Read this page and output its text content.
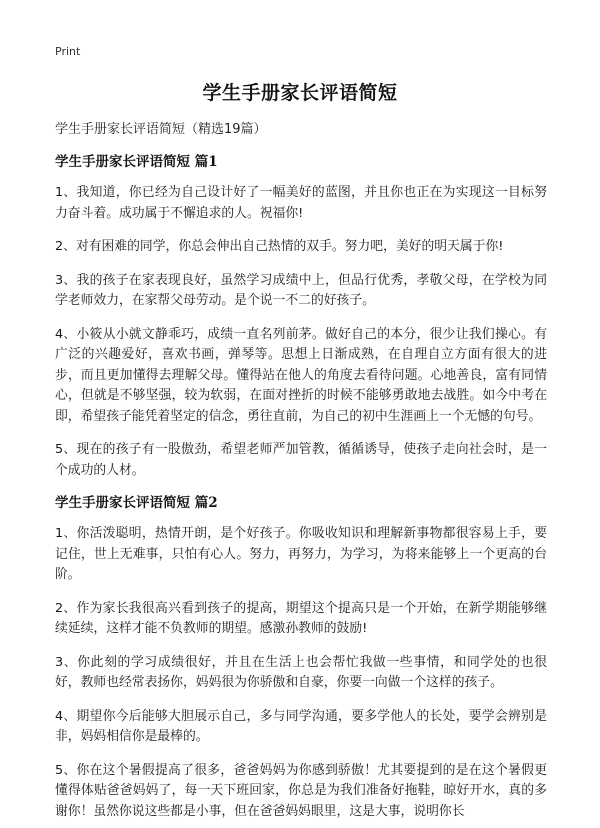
Print
学生手册家长评语简短

学生手册家长评语简短（精选19篇）

学生手册家长评语简短 篇1

1、我知道，你已经为自己设计好了一幅美好的蓝图，并且你也正在为实现这一目标努力奋斗着。成功属于不懈追求的人。祝福你!

2、对有困难的同学，你总会伸出自己热情的双手。努力吧，美好的明天属于你!

3、我的孩子在家表现良好，虽然学习成绩中上，但品行优秀，孝敬父母，在学校为同学老师效力，在家帮父母劳动。是个说一不二的好孩子。

4、小筱从小就文静乖巧，成绩一直名列前茅。做好自己的本分，很少让我们操心。有广泛的兴趣爱好，喜欢书画，弹琴等。思想上日渐成熟，在自理自立方面有很大的进步，而且更加懂得去理解父母。懂得站在他人的角度去看待问题。心地善良，富有同情心，但就是不够坚强，较为软弱，在面对挫折的时候不能够勇敢地去战胜。如今中考在即，希望孩子能凭着坚定的信念，勇往直前，为自己的初中生涯画上一个无憾的句号。

5、现在的孩子有一股傲劲，希望老师严加管教，循循诱导，使孩子走向社会时，是一个成功的人材。

学生手册家长评语简短 篇2

1、你活泼聪明，热情开朗，是个好孩子。你吸收知识和理解新事物都很容易上手，要记住，世上无难事，只怕有心人。努力，再努力，为学习，为将来能够上一个更高的台阶。

2、作为家长我很高兴看到孩子的提高，期望这个提高只是一个开始，在新学期能够继续延续，这样才能不负教师的期望。感激孙教师的鼓励!

3、你此刻的学习成绩很好，并且在生活上也会帮忙我做一些事情，和同学处的也很好，教师也经常表扬你，妈妈很为你骄傲和自豪，你要一向做一个这样的孩子。

4、期望你今后能够大胆展示自己，多与同学沟通，要多学他人的长处，要学会辨别是非，妈妈相信你是最棒的。

5、你在这个暑假提高了很多，爸爸妈妈为你感到骄傲！尤其要提到的是在这个暑假更懂得体贴爸爸妈妈了，每一天下班回家，你总是为我们准备好拖鞋，晾好开水，真的多谢你！虽然你说这些都是小事，但在爸爸妈妈眼里，这是大事，说明你长
